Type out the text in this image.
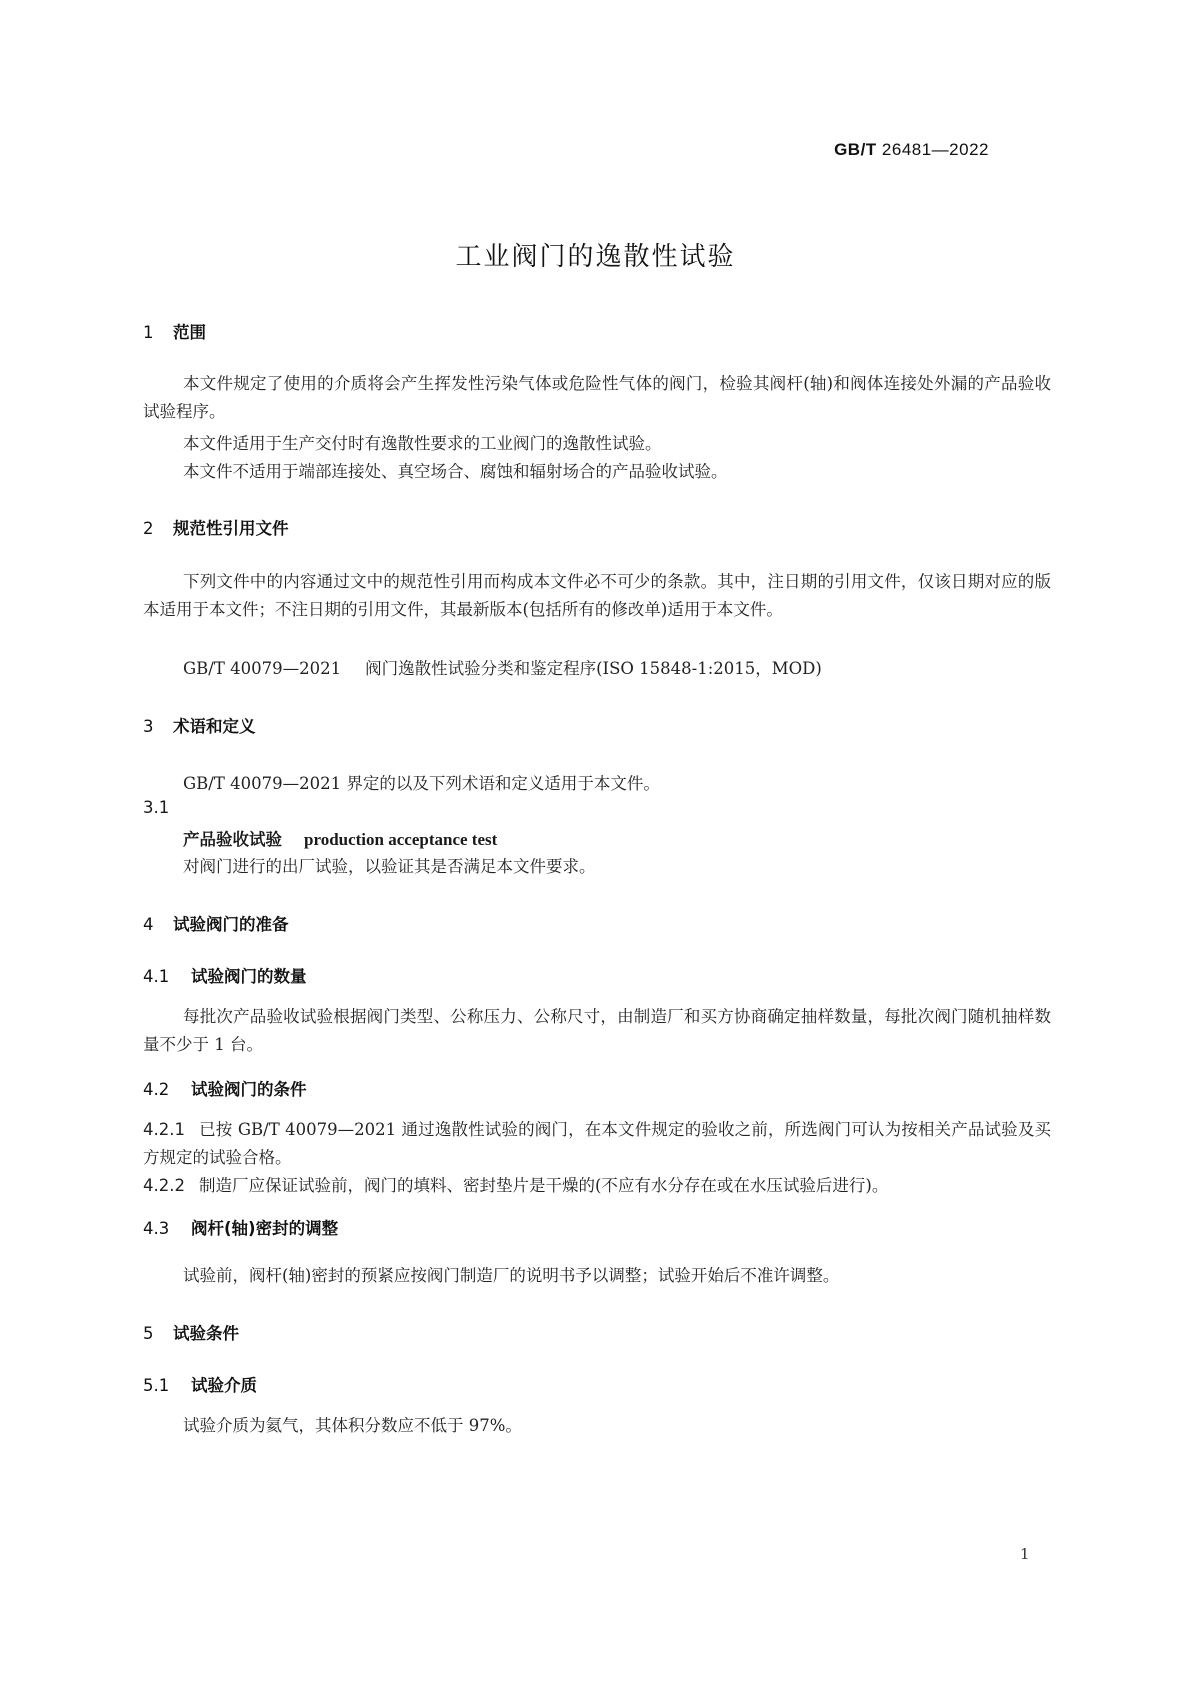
GB/T 26481—2022
工业阀门的逸散性试验
1 范围
本文件规定了使用的介质将会产生挥发性污染气体或危险性气体的阀门，检验其阀杆(轴)和阀体连接处外漏的产品验收试验程序。
本文件适用于生产交付时有逸散性要求的工业阀门的逸散性试验。
本文件不适用于端部连接处、真空场合、腐蚀和辐射场合的产品验收试验。
2 规范性引用文件
下列文件中的内容通过文中的规范性引用而构成本文件必不可少的条款。其中，注日期的引用文件，仅该日期对应的版本适用于本文件；不注日期的引用文件，其最新版本(包括所有的修改单)适用于本文件。
GB/T 40079—2021 阀门逸散性试验分类和鉴定程序(ISO 15848-1:2015，MOD)
3 术语和定义
GB/T 40079—2021 界定的以及下列术语和定义适用于本文件。
3.1
产品验收试验 production acceptance test
对阀门进行的出厂试验，以验证其是否满足本文件要求。
4 试验阀门的准备
4.1 试验阀门的数量
每批次产品验收试验根据阀门类型、公称压力、公称尺寸，由制造厂和买方协商确定抽样数量，每批次阀门随机抽样数量不少于 1 台。
4.2 试验阀门的条件
4.2.1 已按 GB/T 40079—2021 通过逸散性试验的阀门，在本文件规定的验收之前，所选阀门可认为按相关产品试验及买方规定的试验合格。
4.2.2 制造厂应保证试验前，阀门的填料、密封垫片是干燥的(不应有水分存在或在水压试验后进行)。
4.3 阀杆(轴)密封的调整
试验前，阀杆(轴)密封的预紧应按阀门制造厂的说明书予以调整；试验开始后不准许调整。
5 试验条件
5.1 试验介质
试验介质为氦气，其体积分数应不低于 97%。
1
